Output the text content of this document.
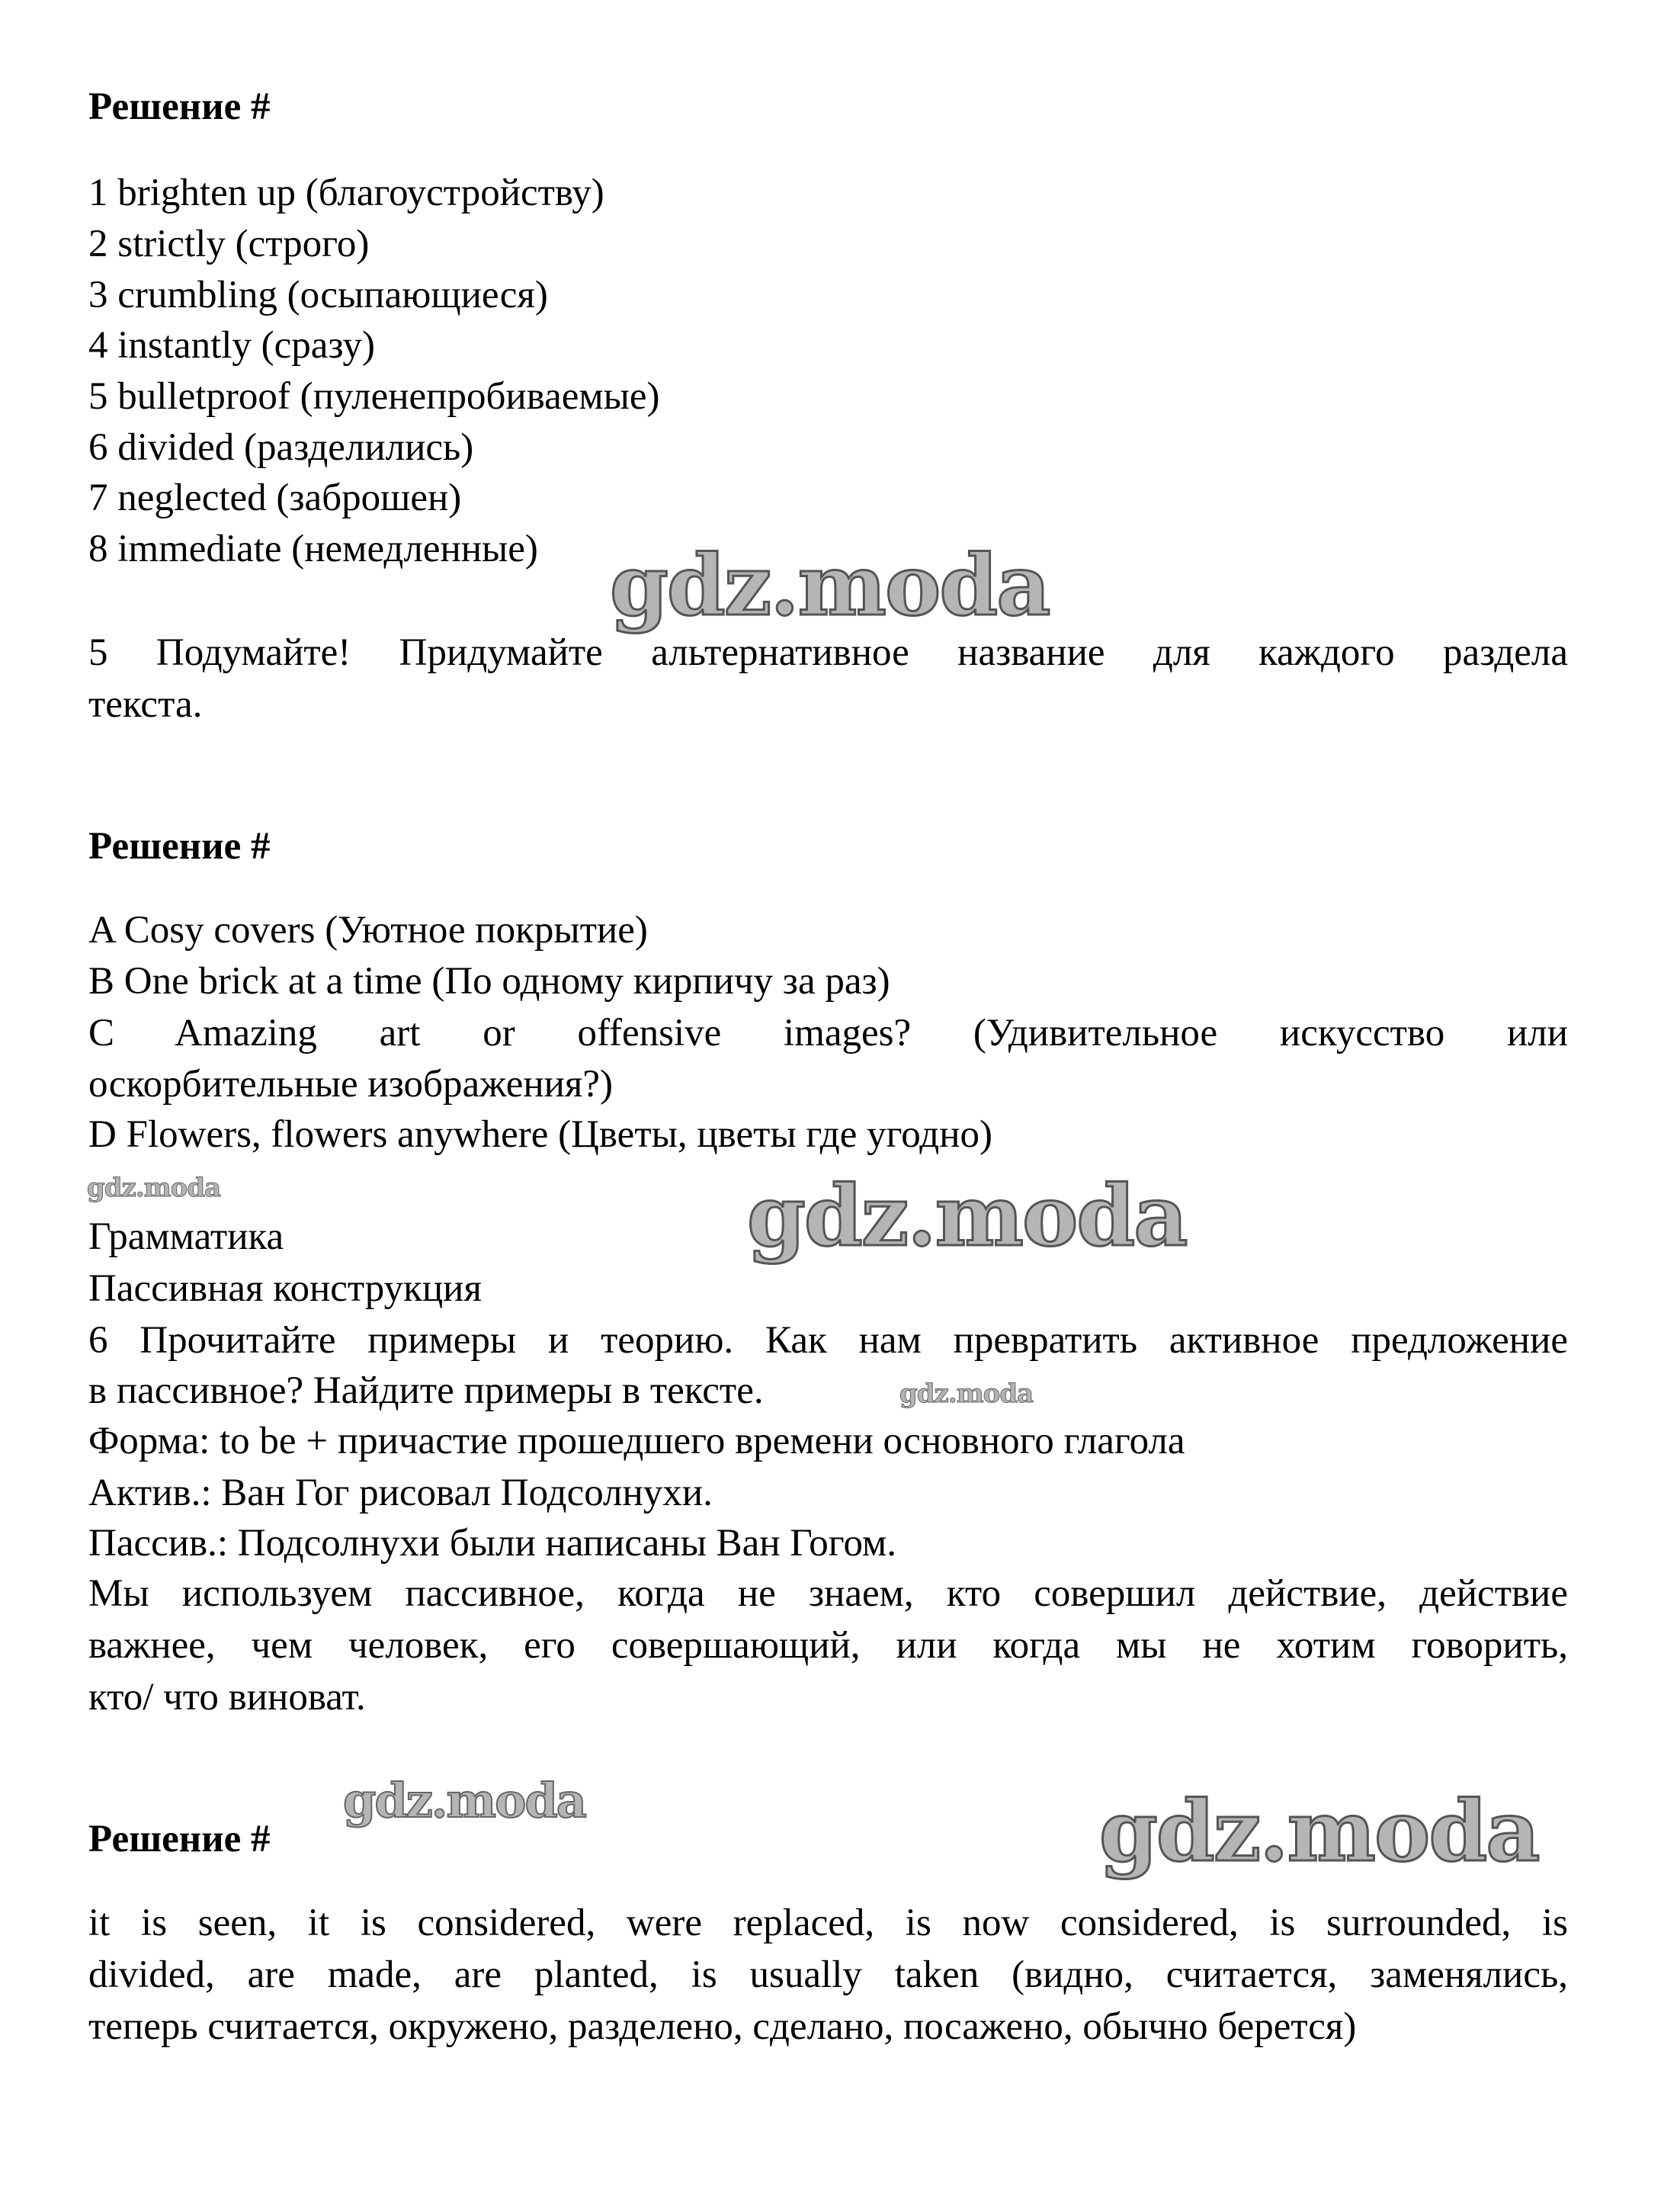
Решение #
1 brighten up (благоустройству)
2 strictly (строго)
3 crumbling (осыпающиеся)
4 instantly (сразу)
5 bulletproof (пуленепробиваемые)
6 divided (разделились)
7 neglected (заброшен)
8 immediate (немедленные) gdz.moda
5 Подумайте! Придумайте альтернативное название для каждого раздела
текста.
Решение #
A Cosy covers (Уютное покрытие)
B One brick at a time (По одному кирпичу за раз)
C Amazing art or offensive images? (Удивительное искусство или
оскорбительные изображения?)
D Flowers, flowers anywhere (Цветы, цветы где угодно)
gdz.moda	gdz.moda
Грамматика
Пассивная конструкция
6 Прочитайте примеры и теорию. Как нам превратить активное предложение
в пассивное? Найдите примеры в тексте.	gdz.moda
Форма: to be + причастие прошедшего времени основного глагола
Актив.: Ван Гог рисовал Подсолнухи.
Пассив.: Подсолнухи были написаны Ван Гогом.
Мы используем пассивное, когда не знаем, кто совершил действие, действие
важнее, чем человек, его совершающий, или когда мы не хотим говорить,
кто/ что виноват.
Решение #
gdz.moda	gdz.moda
it is seen, it is considered, were replaced, is now considered, is surrounded, is
divided, are made, are planted, is usually taken (видно, считается, заменялись,
теперь считается, окружено, разделено, сделано, посажено, обычно берется)
